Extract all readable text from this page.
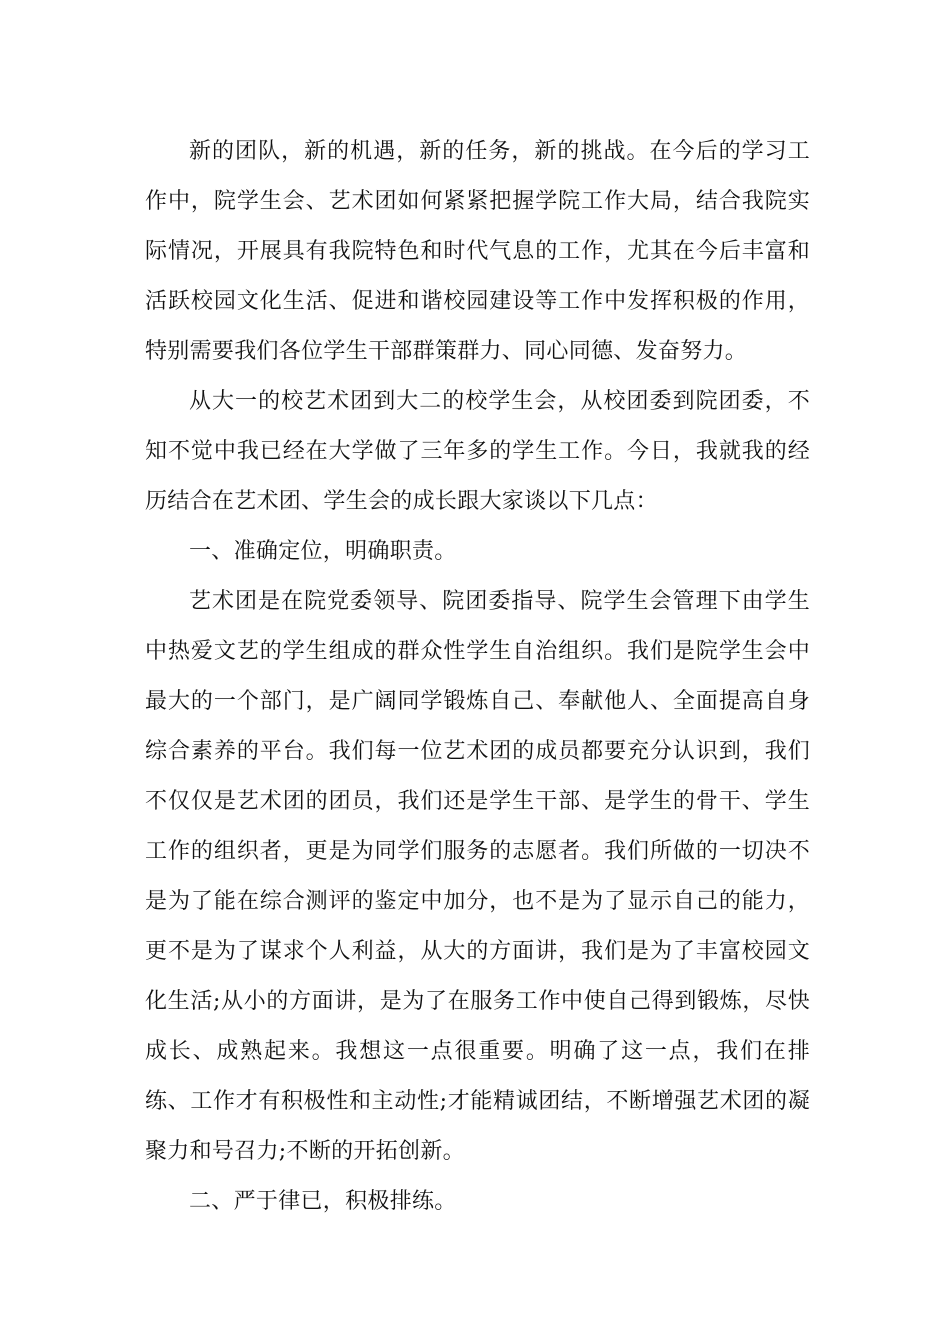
新的团队，新的机遇，新的任务，新的挑战。在今后的学习工作中，院学生会、艺术团如何紧紧把握学院工作大局，结合我院实际情况，开展具有我院特色和时代气息的工作，尤其在今后丰富和活跃校园文化生活、促进和谐校园建设等工作中发挥积极的作用，特别需要我们各位学生干部群策群力、同心同德、发奋努力。

从大一的校艺术团到大二的校学生会，从校团委到院团委，不知不觉中我已经在大学做了三年多的学生工作。今日，我就我的经历结合在艺术团、学生会的成长跟大家谈以下几点：

一、准确定位，明确职责。

艺术团是在院党委领导、院团委指导、院学生会管理下由学生中热爱文艺的学生组成的群众性学生自治组织。我们是院学生会中最大的一个部门，是广阔同学锻炼自己、奉献他人、全面提高自身综合素养的平台。我们每一位艺术团的成员都要充分认识到，我们不仅仅是艺术团的团员，我们还是学生干部、是学生的骨干、学生工作的组织者，更是为同学们服务的志愿者。我们所做的一切决不是为了能在综合测评的鉴定中加分，也不是为了显示自己的能力，更不是为了谋求个人利益，从大的方面讲，我们是为了丰富校园文化生活;从小的方面讲，是为了在服务工作中使自己得到锻炼，尽快成长、成熟起来。我想这一点很重要。明确了这一点，我们在排练、工作才有积极性和主动性;才能精诚团结，不断增强艺术团的凝聚力和号召力;不断的开拓创新。

二、严于律已，积极排练。
